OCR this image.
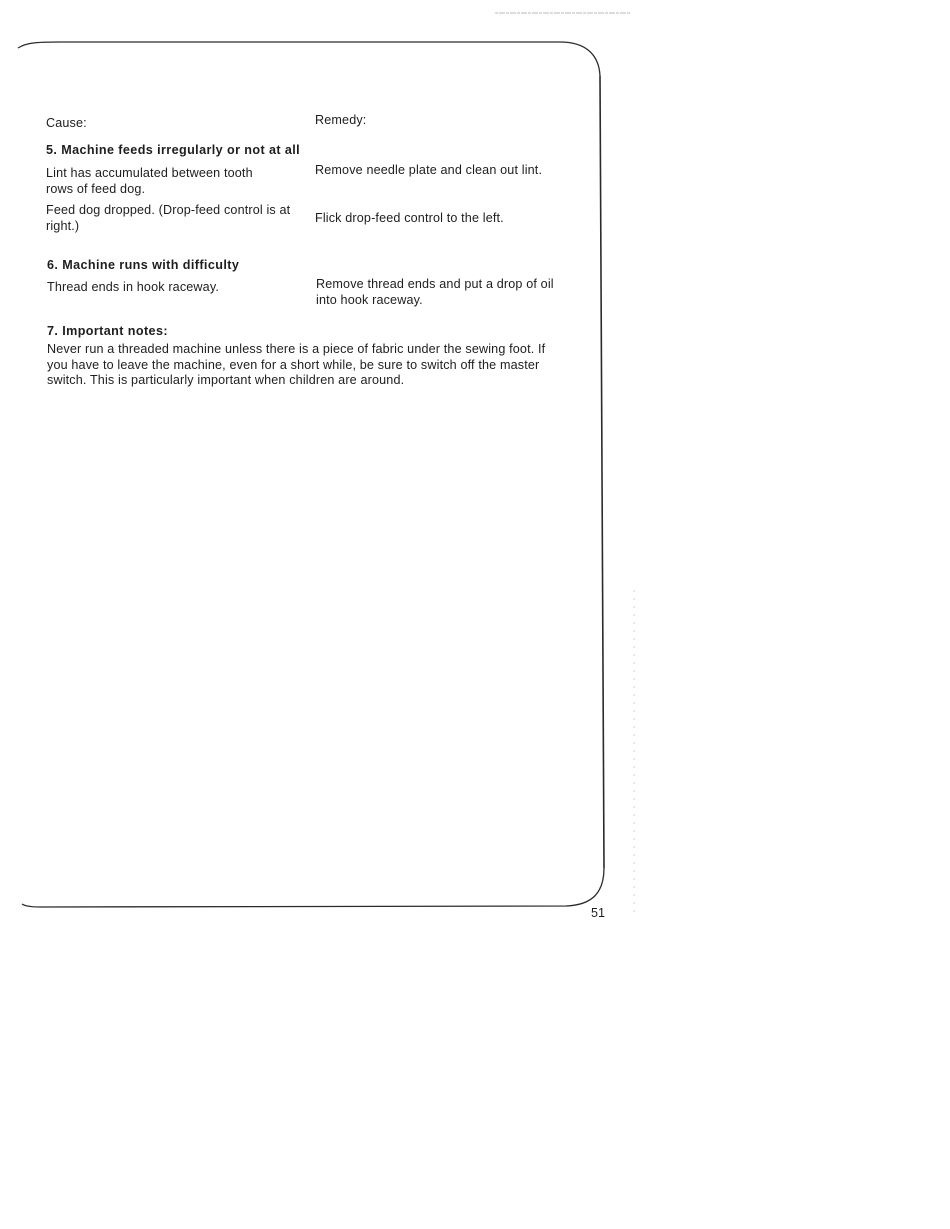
Cause:	Remedy:

5. Machine feeds irregularly or not at all

Lint has accumulated between tooth rows of feed dog.

Remove needle plate and clean out lint.

Feed dog dropped. (Drop-feed control is at right.)

Flick drop-feed control to the left.

6. Machine runs with difficulty

Thread ends in hook raceway.	Remove thread ends and put a drop of oil into hook raceway.

7. Important notes:

Never run a threaded machine unless there is a piece of fabric under the sewing foot. If you have to leave the machine, even for a short while, be sure to switch off the master switch. This is particularly important when children are around.

51
